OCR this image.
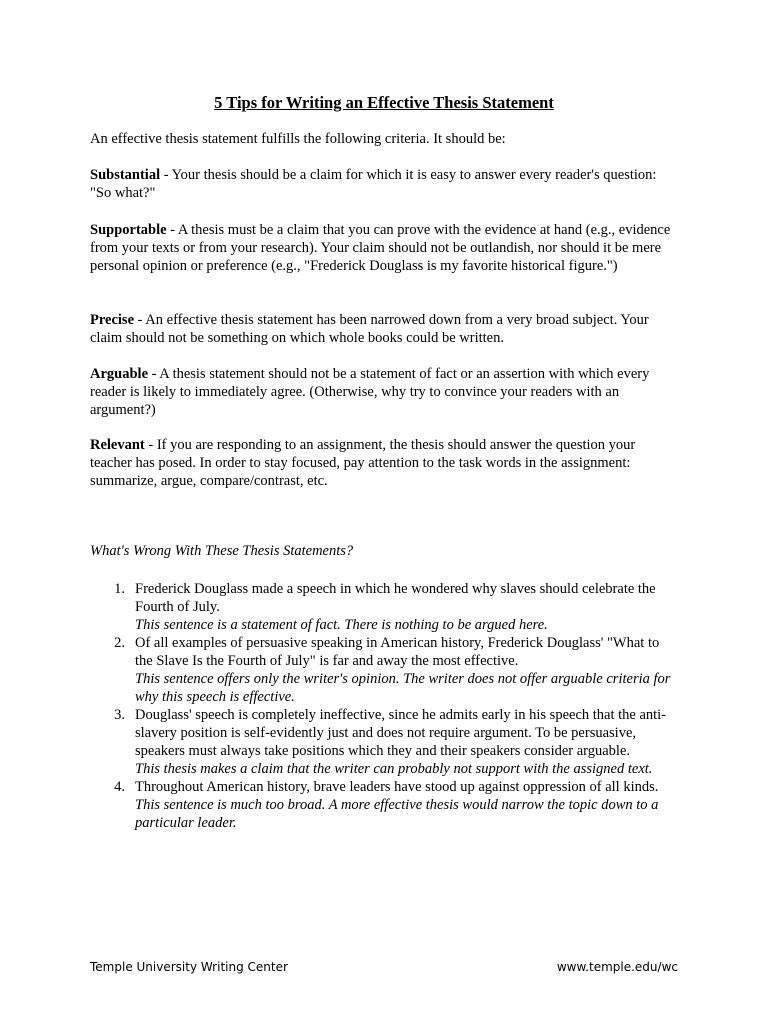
5 Tips for Writing an Effective Thesis Statement

An effective thesis statement fulfills the following criteria. It should be:

Substantial - Your thesis should be a claim for which it is easy to answer every reader's question: "So what?"

Supportable - A thesis must be a claim that you can prove with the evidence at hand (e.g., evidence from your texts or from your research). Your claim should not be outlandish, nor should it be mere personal opinion or preference (e.g., "Frederick Douglass is my favorite historical figure.")

Precise - An effective thesis statement has been narrowed down from a very broad subject. Your claim should not be something on which whole books could be written.

Arguable - A thesis statement should not be a statement of fact or an assertion with which every reader is likely to immediately agree. (Otherwise, why try to convince your readers with an argument?)

Relevant - If you are responding to an assignment, the thesis should answer the question your teacher has posed. In order to stay focused, pay attention to the task words in the assignment: summarize, argue, compare/contrast, etc.

What's Wrong With These Thesis Statements?
1. Frederick Douglass made a speech in which he wondered why slaves should celebrate the Fourth of July.
This sentence is a statement of fact. There is nothing to be argued here.
2. Of all examples of persuasive speaking in American history, Frederick Douglass' "What to the Slave Is the Fourth of July" is far and away the most effective.
This sentence offers only the writer's opinion. The writer does not offer arguable criteria for why this speech is effective.
3. Douglass' speech is completely ineffective, since he admits early in his speech that the anti-slavery position is self-evidently just and does not require argument. To be persuasive, speakers must always take positions which they and their speakers consider arguable.
This thesis makes a claim that the writer can probably not support with the assigned text.
4. Throughout American history, brave leaders have stood up against oppression of all kinds.
This sentence is much too broad. A more effective thesis would narrow the topic down to a particular leader.
Temple University Writing Center	www.temple.edu/wc
